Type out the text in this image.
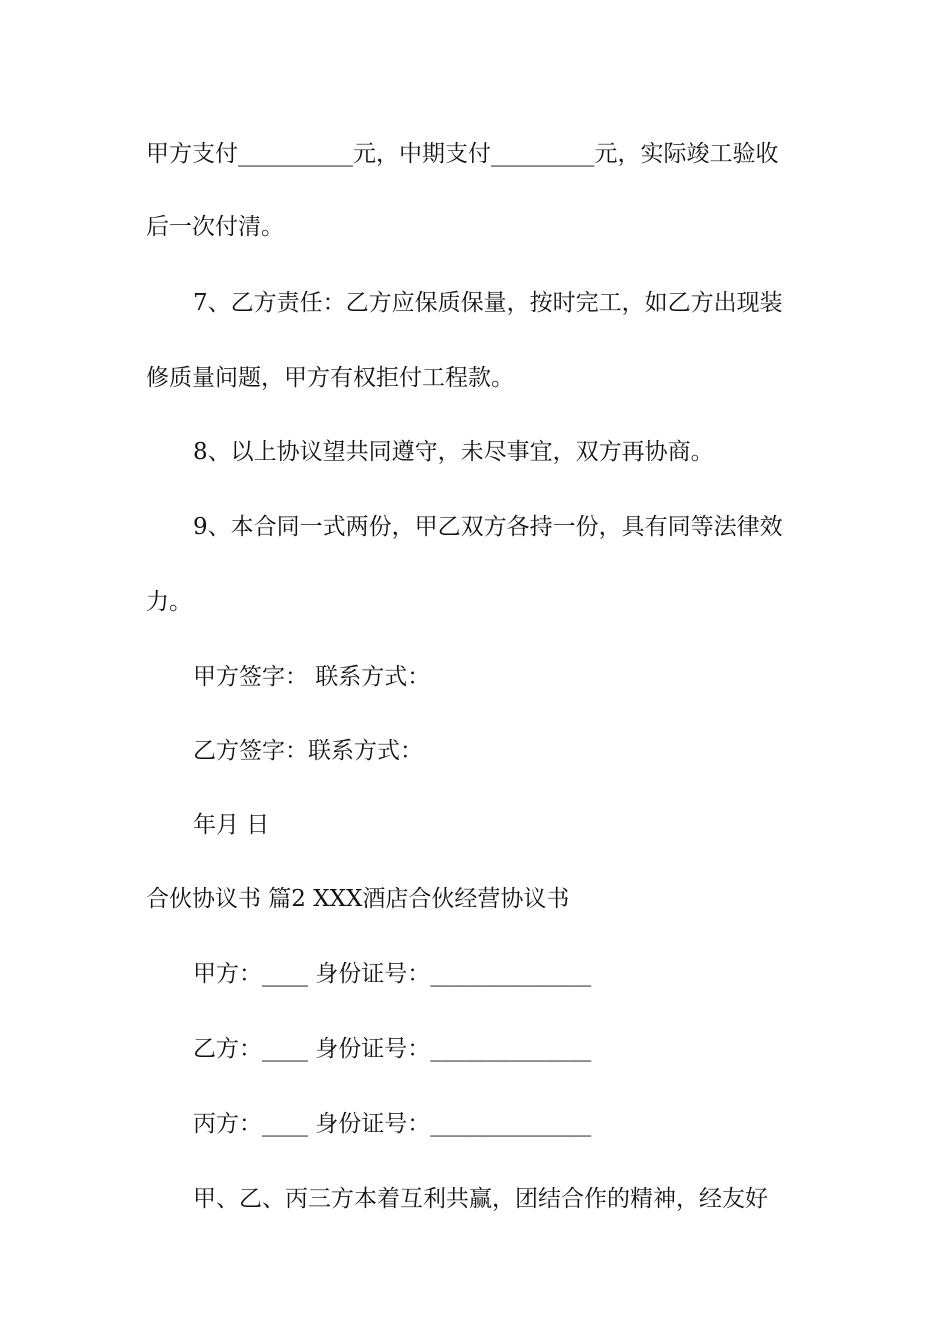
甲方支付__________元，中期支付_________元，实际竣工验收
后一次付清。
7、乙方责任：乙方应保质保量，按时完工，如乙方出现装
修质量问题，甲方有权拒付工程款。
8、以上协议望共同遵守，未尽事宜，双方再协商。
9、本合同一式两份，甲乙双方各持一份，具有同等法律效
力。
甲方签字： 联系方式：
乙方签字：联系方式：
年月 日
合伙协议书 篇2 XXX酒店合伙经营协议书
甲方：____ 身份证号：______________
乙方：____ 身份证号：______________
丙方：____ 身份证号：______________
甲、乙、丙三方本着互利共赢，团结合作的精神，经友好
